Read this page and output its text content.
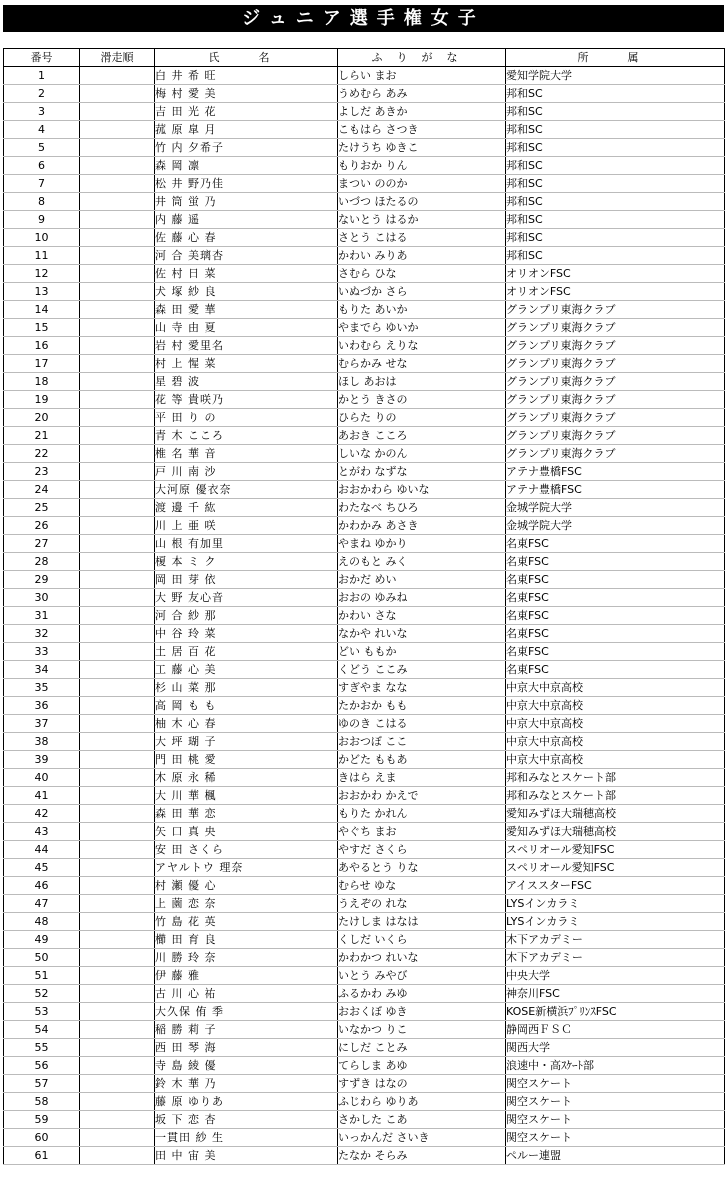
ジュニア選手権女子
番号	滑走順	氏　名	ふりがな	所　属
1		白 井 希 旺	しらい まお	愛知学院大学
2		梅 村 愛 美	うめむら あみ	邦和SC
3		吉 田 光 花	よしだ あきか	邦和SC
4		菰 原 皐 月	こもはら さつき	邦和SC
5		竹 内 夕希子	たけうち ゆきこ	邦和SC
6		森 岡 凛	もりおか りん	邦和SC
7		松 井 野乃佳	まつい ののか	邦和SC
8		井 筒 蛍 乃	いづつ ほたるの	邦和SC
9		内 藤 遥	ないとう はるか	邦和SC
10		佐 藤 心 春	さとう こはる	邦和SC
11		河 合 美璃杏	かわい みりあ	邦和SC
12		佐 村 日 菜	さむら ひな	オリオンFSC
13		犬 塚 紗 良	いぬづか さら	オリオンFSC
14		森 田 愛 華	もりた あいか	グランプリ東海クラブ
15		山 寺 由 夏	やまでら ゆいか	グランプリ東海クラブ
16		岩 村 愛里名	いわむら えりな	グランプリ東海クラブ
17		村 上 惺 菜	むらかみ せな	グランプリ東海クラブ
18		星 碧 波	ほし あおは	グランプリ東海クラブ
19		花 等 貴咲乃	かとう きさの	グランプリ東海クラブ
20		平 田 り の	ひらた りの	グランプリ東海クラブ
21		青 木 こころ	あおき こころ	グランプリ東海クラブ
22		椎 名 華 音	しいな かのん	グランプリ東海クラブ
23		戸 川 南 沙	とがわ なずな	アテナ豊橋FSC
24		大河原 優衣奈	おおかわら ゆいな	アテナ豊橋FSC
25		渡 邊 千 紘	わたなべ ちひろ	金城学院大学
26		川 上 亜 咲	かわかみ あさき	金城学院大学
27		山 根 有加里	やまね ゆかり	名東FSC
28		榎 本 ミ ク	えのもと みく	名東FSC
29		岡 田 芽 依	おかだ めい	名東FSC
30		大 野 友心音	おおの ゆみね	名東FSC
31		河 合 紗 那	かわい さな	名東FSC
32		中 谷 玲 菜	なかや れいな	名東FSC
33		土 居 百 花	どい ももか	名東FSC
34		工 藤 心 美	くどう ここみ	名東FSC
35		杉 山 菜 那	すぎやま なな	中京大中京高校
36		高 岡 も も	たかおか もも	中京大中京高校
37		柚 木 心 春	ゆのき こはる	中京大中京高校
38		大 坪 瑚 子	おおつぼ ここ	中京大中京高校
39		門 田 桃 愛	かどた ももあ	中京大中京高校
40		木 原 永 稀	きはら えま	邦和みなとスケート部
41		大 川 華 楓	おおかわ かえで	邦和みなとスケート部
42		森 田 華 恋	もりた かれん	愛知みずほ大瑞穂高校
43		矢 口 真 央	やぐち まお	愛知みずほ大瑞穂高校
44		安 田 さくら	やすだ さくら	スペリオール愛知FSC
45		アヤルトウ 理奈	あやるとう りな	スペリオール愛知FSC
46		村 瀬 優 心	むらせ ゆな	アイススターFSC
47		上 薗 恋 奈	うえぞの れな	LYSインカラミ
48		竹 島 花 英	たけしま はなは	LYSインカラミ
49		櫛 田 育 良	くしだ いくら	木下アカデミー
50		川 勝 玲 奈	かわかつ れいな	木下アカデミー
51		伊 藤 雅	いとう みやび	中央大学
52		古 川 心 祐	ふるかわ みゆ	神奈川FSC
53		大久保 侑 季	おおくぼ ゆき	KOSE新横浜ﾌﾟﾘﾝｽFSC
54		稲 勝 莉 子	いなかつ りこ	静岡西ＦＳＣ
55		西 田 琴 海	にしだ ことみ	関西大学
56		寺 島 綾 優	てらしま あゆ	浪速中・高ｽｹｰﾄ部
57		鈴 木 華 乃	すずき はなの	関空スケート
58		藤 原 ゆりあ	ふじわら ゆりあ	関空スケート
59		坂 下 恋 杏	さかした こあ	関空スケート
60		一貫田 紗 生	いっかんだ さいき	関空スケート
61		田 中 宙 美	たなか そらみ	ペルー連盟
